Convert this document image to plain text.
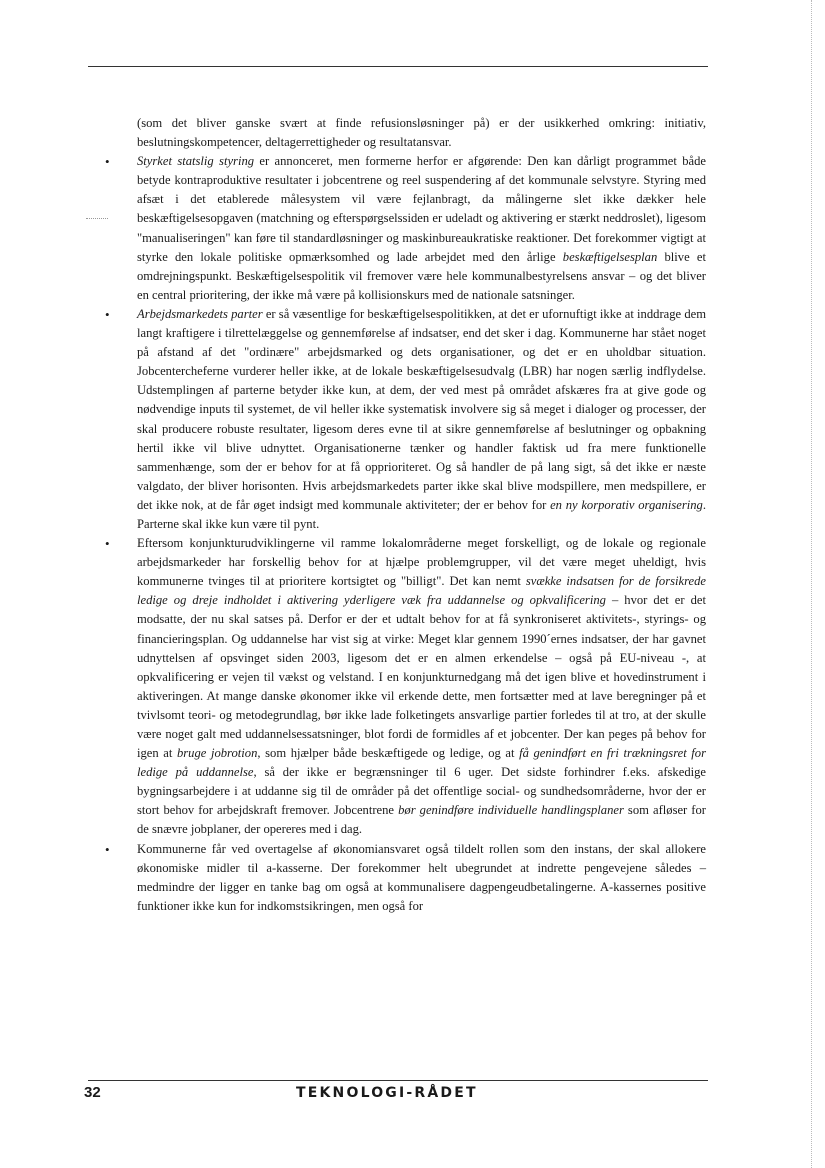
(som det bliver ganske svært at finde refusionsløsninger på) er der usikkerhed omkring: initiativ, beslutningskompetencer, deltagerrettigheder og resultatansvar.

• Styrket statslig styring er annonceret, men formerne herfor er afgørende: Den kan dårligt programmet både betyde kontraproduktive resultater i jobcentrene og reel suspendering af det kommunale selvstyre. Styring med afsæt i det etablerede målesystem vil være fejlanbragt, da målingerne slet ikke dækker hele beskæftigelsesopgaven (matchning og efterspørgselssiden er udeladt og aktivering er stærkt neddroslet), ligesom "manualiseringen" kan føre til standardløsninger og maskinbureaukratiske reaktioner. Det forekommer vigtigt at styrke den lokale politiske opmærksomhed og lade arbejdet med den årlige beskæftigelsesplan blive et omdrejningspunkt. Beskæftigelsespolitik vil fremover være hele kommunalbestyrelsens ansvar – og det bliver en central prioritering, der ikke må være på kollisionskurs med de nationale satsninger.

• Arbejdsmarkedets parter er så væsentlige for beskæftigelsespolitikken, at det er ufornuftigt ikke at inddrage dem langt kraftigere i tilrettelæggelse og gennemførelse af indsatser, end det sker i dag. Kommunerne har stået noget på afstand af det "ordinære" arbejdsmarked og dets organisationer, og det er en uholdbar situation. Jobcentercheferne vurderer heller ikke, at de lokale beskæftigelsesudvalg (LBR) har nogen særlig indflydelse. Udstemplingen af parterne betyder ikke kun, at dem, der ved mest på området afskæres fra at give gode og nødvendige inputs til systemet, de vil heller ikke systematisk involvere sig så meget i dialoger og processer, der skal producere robuste resultater, ligesom deres evne til at sikre gennemførelse af beslutninger og opbakning hertil ikke vil blive udnyttet. Organisationerne tænker og handler faktisk ud fra mere funktionelle sammenhænge, som der er behov for at få opprioriteret. Og så handler de på lang sigt, så det ikke er næste valgdato, der bliver horisonten. Hvis arbejdsmarkedets parter ikke skal blive modspillere, men medspillere, er det ikke nok, at de får øget indsigt med kommunale aktiviteter; der er behov for en ny korporativ organisering. Parterne skal ikke kun være til pynt.

• Eftersom konjunkturudviklingerne vil ramme lokalområderne meget forskelligt, og de lokale og regionale arbejdsmarkeder har forskellig behov for at hjælpe problemgrupper, vil det være meget uheldigt, hvis kommunerne tvinges til at prioritere kortsigtet og "billigt". Det kan nemt svække indsatsen for de forsikrede ledige og dreje indholdet i aktivering yderligere væk fra uddannelse og opkvalificering – hvor det er det modsatte, der nu skal satses på. Derfor er der et udtalt behov for at få synkroniseret aktivitets-, styrings- og financieringsplan. Og uddannelse har vist sig at virke: Meget klar gennem 1990´ernes indsatser, der har gavnet udnyttelsen af opsvinget siden 2003, ligesom det er en almen erkendelse – også på EU-niveau -, at opkvalificering er vejen til vækst og velstand. I en konjunkturnedgang må det igen blive et hovedinstrument i aktiveringen. At mange danske økonomer ikke vil erkende dette, men fortsætter med at lave beregninger på et tvivlsomt teori- og metodegrundlag, bør ikke lade folketingets ansvarlige partier forledes til at tro, at der skulle være noget galt med uddannelsessatsninger, blot fordi de formidles af et jobcenter. Der kan peges på behov for igen at bruge jobrotion, som hjælper både beskæftigede og ledige, og at få genindført en fri trækningsret for ledige på uddannelse, så der ikke er begrænsninger til 6 uger. Det sidste forhindrer f.eks. afskedige bygningsarbejdere i at uddanne sig til de områder på det offentlige social- og sundhedsområderne, hvor der er stort behov for arbejdskraft fremover. Jobcentrene bør genindføre individuelle handlingsplaner som afløser for de snævre jobplaner, der opereres med i dag.

• Kommunerne får ved overtagelse af økonomiansvaret også tildelt rollen som den instans, der skal allokere økonomiske midler til a-kasserne. Der forekommer helt ubegrundet at indrette pengevejene således – medmindre der ligger en tanke bag om også at kommunalisere dagpengeudbetalingerne. A-kassernes positive funktioner ikke kun for indkomstsikringen, men også for

32	TEKNOLOGI-RÅDET
